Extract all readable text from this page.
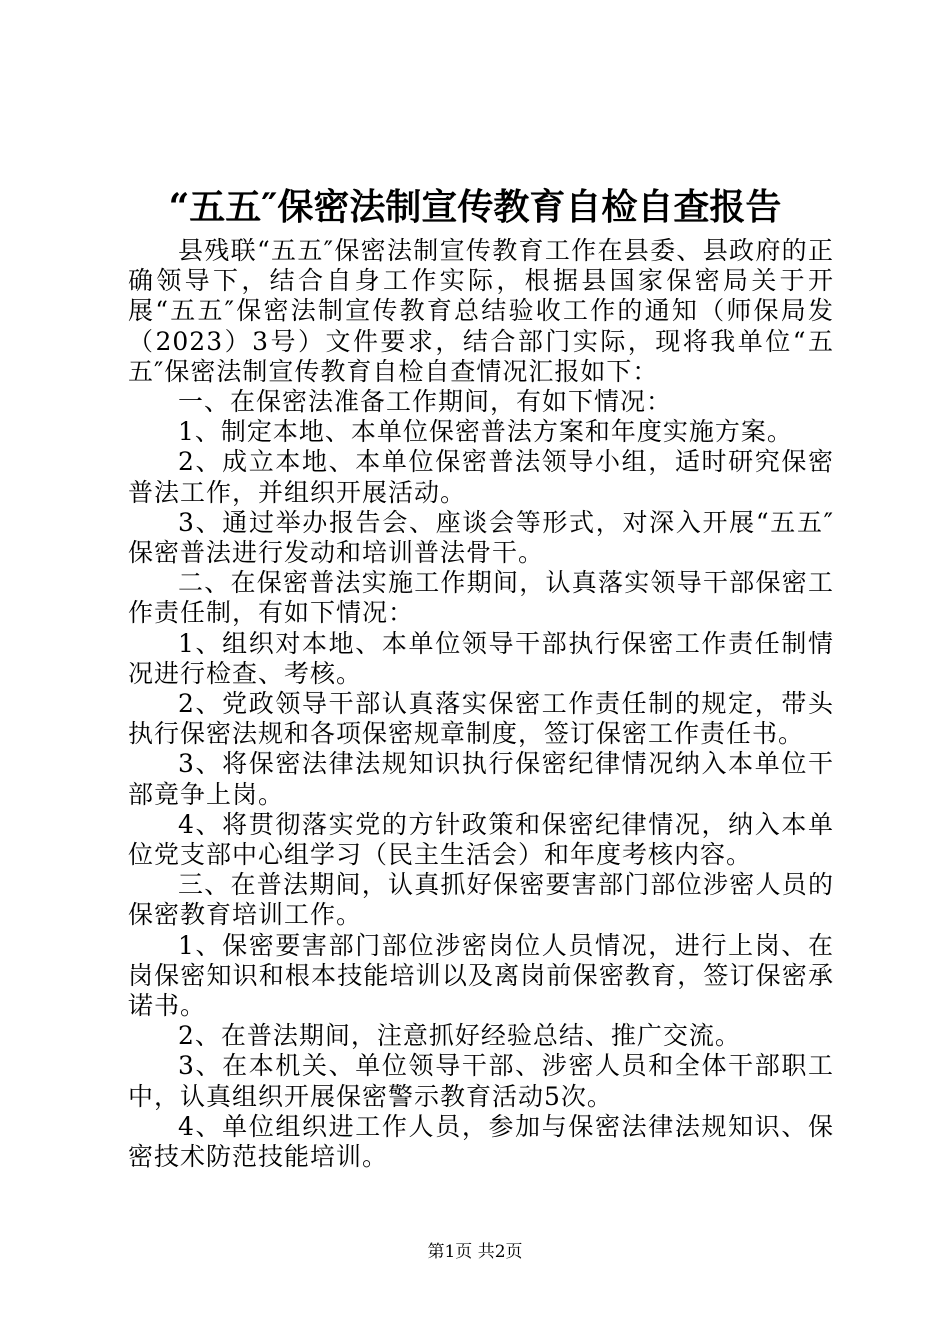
“五五″保密法制宣传教育自检自查报告

县残联“五五″保密法制宣传教育工作在县委、县政府的正确领导下，结合自身工作实际，根据县国家保密局关于开展“五五″保密法制宣传教育总结验收工作的通知（师保局发（2023）3号）文件要求，结合部门实际，现将我单位“五五″保密法制宣传教育自检自查情况汇报如下：

一、在保密法准备工作期间，有如下情况：

1、制定本地、本单位保密普法方案和年度实施方案。

2、成立本地、本单位保密普法领导小组，适时研究保密普法工作，并组织开展活动。

3、通过举办报告会、座谈会等形式，对深入开展“五五″保密普法进行发动和培训普法骨干。

二、在保密普法实施工作期间，认真落实领导干部保密工作责任制，有如下情况：

1、组织对本地、本单位领导干部执行保密工作责任制情况进行检查、考核。

2、党政领导干部认真落实保密工作责任制的规定，带头执行保密法规和各项保密规章制度，签订保密工作责任书。

3、将保密法律法规知识执行保密纪律情况纳入本单位干部竟争上岗。

4、将贯彻落实党的方针政策和保密纪律情况，纳入本单位党支部中心组学习（民主生活会）和年度考核内容。

三、在普法期间，认真抓好保密要害部门部位涉密人员的保密教育培训工作。

1、保密要害部门部位涉密岗位人员情况，进行上岗、在岗保密知识和根本技能培训以及离岗前保密教育，签订保密承诺书。

2、在普法期间，注意抓好经验总结、推广交流。

3、在本机关、单位领导干部、涉密人员和全体干部职工中，认真组织开展保密警示教育活动5次。

4、单位组织进工作人员，参加与保密法律法规知识、保密技术防范技能培训。

第1页 共2页
